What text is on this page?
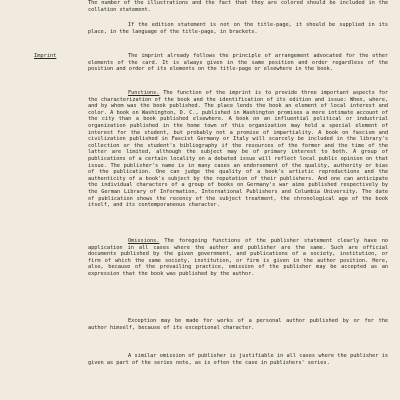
The number of the illustrations and the fact that they are colored should be included in the collation statement.

If the edition statement is not on the title-page, it should be supplied in its place, in the language of the title-page, in brackets.

Imprint	The imprint already follows the principle of arrangement advocated for the other elements of the card. It is always given in the same position and order regardless of the position and order of its elements on the title-page or elsewhere in the book.

Functions. The function of the imprint is to provide three important aspects for the characterization of the book and the identification of its edition and issue: When, where, and by whom was the book published. The place lends the book an element of local interest and color. A book on Washington, D. C., published in Washington promises a more intimate account of the city than a book published elsewhere. A book on an influential political or industrial organization published in the home town of this organization may hold a special element of interest for the student, but probably not a promise of impartiality. A book on fascism and civilization published in Fascist Germany or Italy will scarcely be included in the library's collection or the student's bibliography if the resources of the former and the time of the latter are limited, although the subject may be of primary interest to both. A group of publications of a certain locality on a debated issue will reflect local public opinion on that issue. The publisher's name is in many cases an endorsement of the quality, authority or bias of the publication. One can judge the quality of a book's artistic reproductions and the authenticity of a book's subject by the reputation of their publishers. And one can anticipate the individual characters of a group of books on Germany's war aims published respectively by the German Library of Information, International Publishers and Columbia University. The date of publication shows the recency of the subject treatment, the chronological age of the book itself, and its contemporaneous character.

Omissions. The foregoing functions of the publisher statement clearly have no application in all cases where the author and publisher are the same. Such are official documents published by the given government, and publications of a society, institution, or firm of which the same society, institution, or firm is given in the author position. Here, also, because of the prevailing practice, omission of the publisher may be accepted as an expression that the book was published by the author.

Exception may be made for works of a personal author published by or for the author himself, because of its exceptional character.

A similar omission of publisher is justifiable in all cases where the publisher is given as part of the series note, as is often the case in publishers' series.
